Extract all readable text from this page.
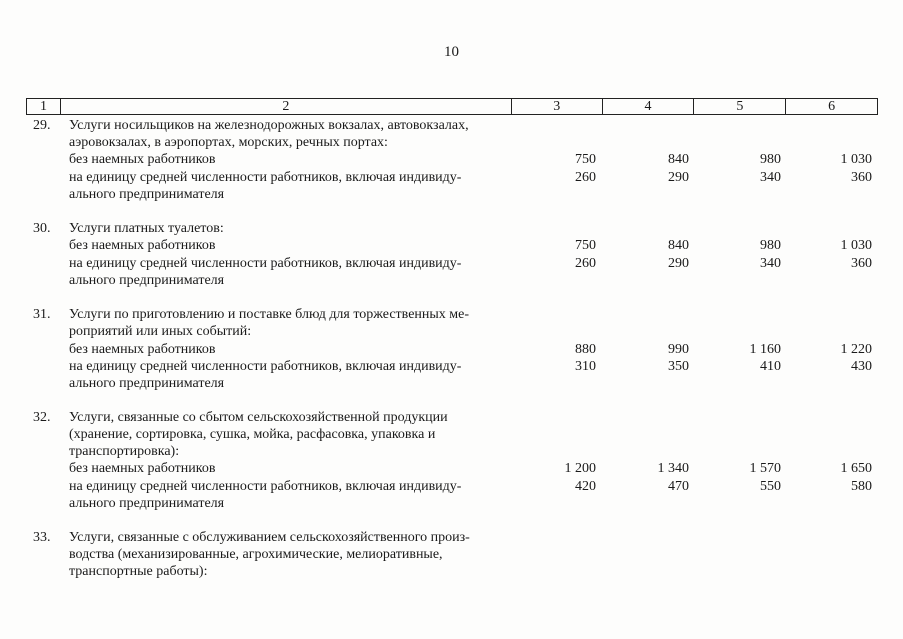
10
1	2	3	4	5	6
29. Услуги носильщиков на железнодорожных вокзалах, автовокзалах,
аэровокзалах, в аэропортах, морских, речных портах:
без наемных работников	750	840	980	1 030
на единицу средней численности работников, включая индивиду-	260	290	340	360
ального предпринимателя
30. Услуги платных туалетов:
без наемных работников	750	840	980	1 030
на единицу средней численности работников, включая индивиду-	260	290	340	360
ального предпринимателя
31. Услуги по приготовлению и поставке блюд для торжественных ме-
роприятий или иных событий:
без наемных работников	880	990	1 160	1 220
на единицу средней численности работников, включая индивиду-	310	350	410	430
ального предпринимателя
32. Услуги, связанные со сбытом сельскохозяйственной продукции
(хранение, сортировка, сушка, мойка, расфасовка, упаковка и
транспортировка):
без наемных работников	1 200	1 340	1 570	1 650
на единицу средней численности работников, включая индивиду-	420	470	550	580
ального предпринимателя
33. Услуги, связанные с обслуживанием сельскохозяйственного произ-
водства (механизированные, агрохимические, мелиоративные,
транспортные работы):
